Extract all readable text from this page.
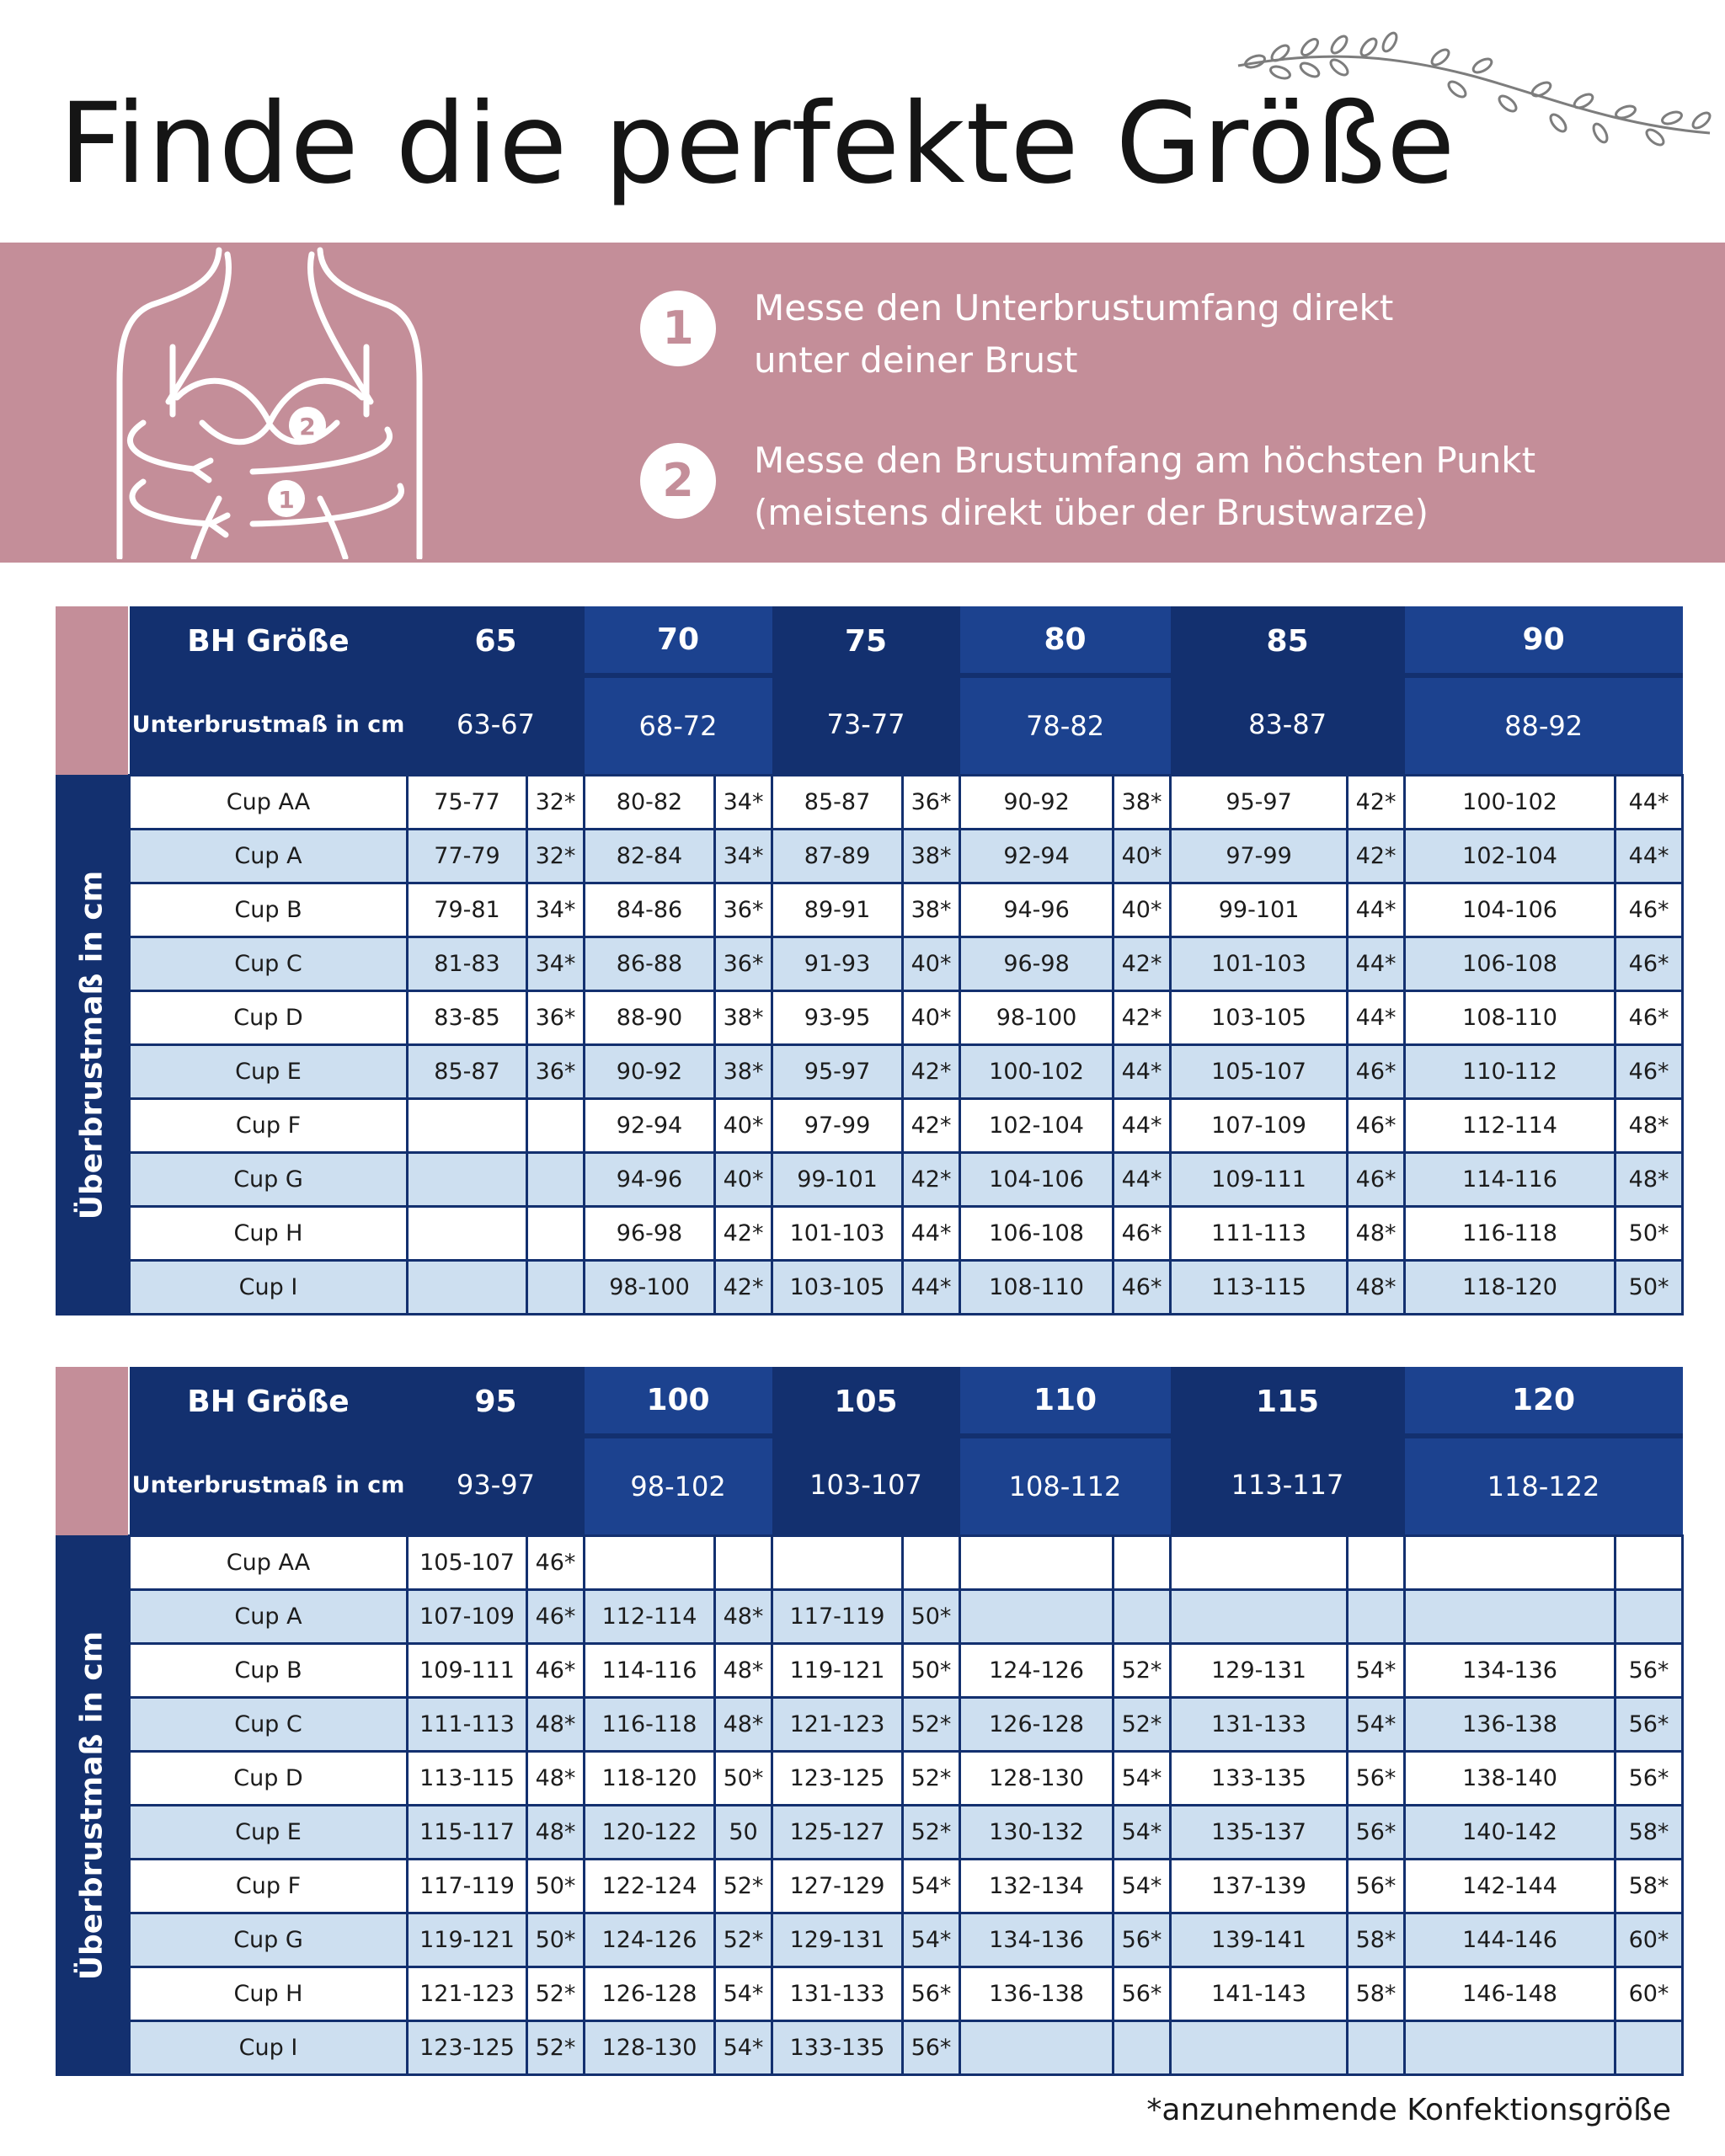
Finde die perfekte Größe
2
1
1	Messe den Unterbrustumfang direkt
unter deiner Brust
2	Messe den Brustumfang am höchsten Punkt
(meistens direkt über der Brustwarze)
Überbrustmaß in cm
BH Größe	65		70		75		80		85		90	
Unterbrustmaß in cm	63-67		68-72		73-77		78-82		83-87		88-92	
Cup AA	75-77	32*	80-82	34*	85-87	36*	90-92	38*	95-97	42*	100-102	44*
Cup A	77-79	32*	82-84	34*	87-89	38*	92-94	40*	97-99	42*	102-104	44*
Cup B	79-81	34*	84-86	36*	89-91	38*	94-96	40*	99-101	44*	104-106	46*
Cup C	81-83	34*	86-88	36*	91-93	40*	96-98	42*	101-103	44*	106-108	46*
Cup D	83-85	36*	88-90	38*	93-95	40*	98-100	42*	103-105	44*	108-110	46*
Cup E	85-87	36*	90-92	38*	95-97	42*	100-102	44*	105-107	46*	110-112	46*
Cup F			92-94	40*	97-99	42*	102-104	44*	107-109	46*	112-114	48*
Cup G			94-96	40*	99-101	42*	104-106	44*	109-111	46*	114-116	48*
Cup H			96-98	42*	101-103	44*	106-108	46*	111-113	48*	116-118	50*
Cup I			98-100	42*	103-105	44*	108-110	46*	113-115	48*	118-120	50*
Überbrustmaß in cm
BH Größe	95		100		105		110		115		120	
Unterbrustmaß in cm	93-97		98-102		103-107		108-112		113-117		118-122	
Cup AA	105-107	46*										
Cup A	107-109	46*	112-114	48*	117-119	50*						
Cup B	109-111	46*	114-116	48*	119-121	50*	124-126	52*	129-131	54*	134-136	56*
Cup C	111-113	48*	116-118	48*	121-123	52*	126-128	52*	131-133	54*	136-138	56*
Cup D	113-115	48*	118-120	50*	123-125	52*	128-130	54*	133-135	56*	138-140	56*
Cup E	115-117	48*	120-122	50	125-127	52*	130-132	54*	135-137	56*	140-142	58*
Cup F	117-119	50*	122-124	52*	127-129	54*	132-134	54*	137-139	56*	142-144	58*
Cup G	119-121	50*	124-126	52*	129-131	54*	134-136	56*	139-141	58*	144-146	60*
Cup H	121-123	52*	126-128	54*	131-133	56*	136-138	56*	141-143	58*	146-148	60*
Cup I	123-125	52*	128-130	54*	133-135	56*						
*anzunehmende Konfektionsgröße
